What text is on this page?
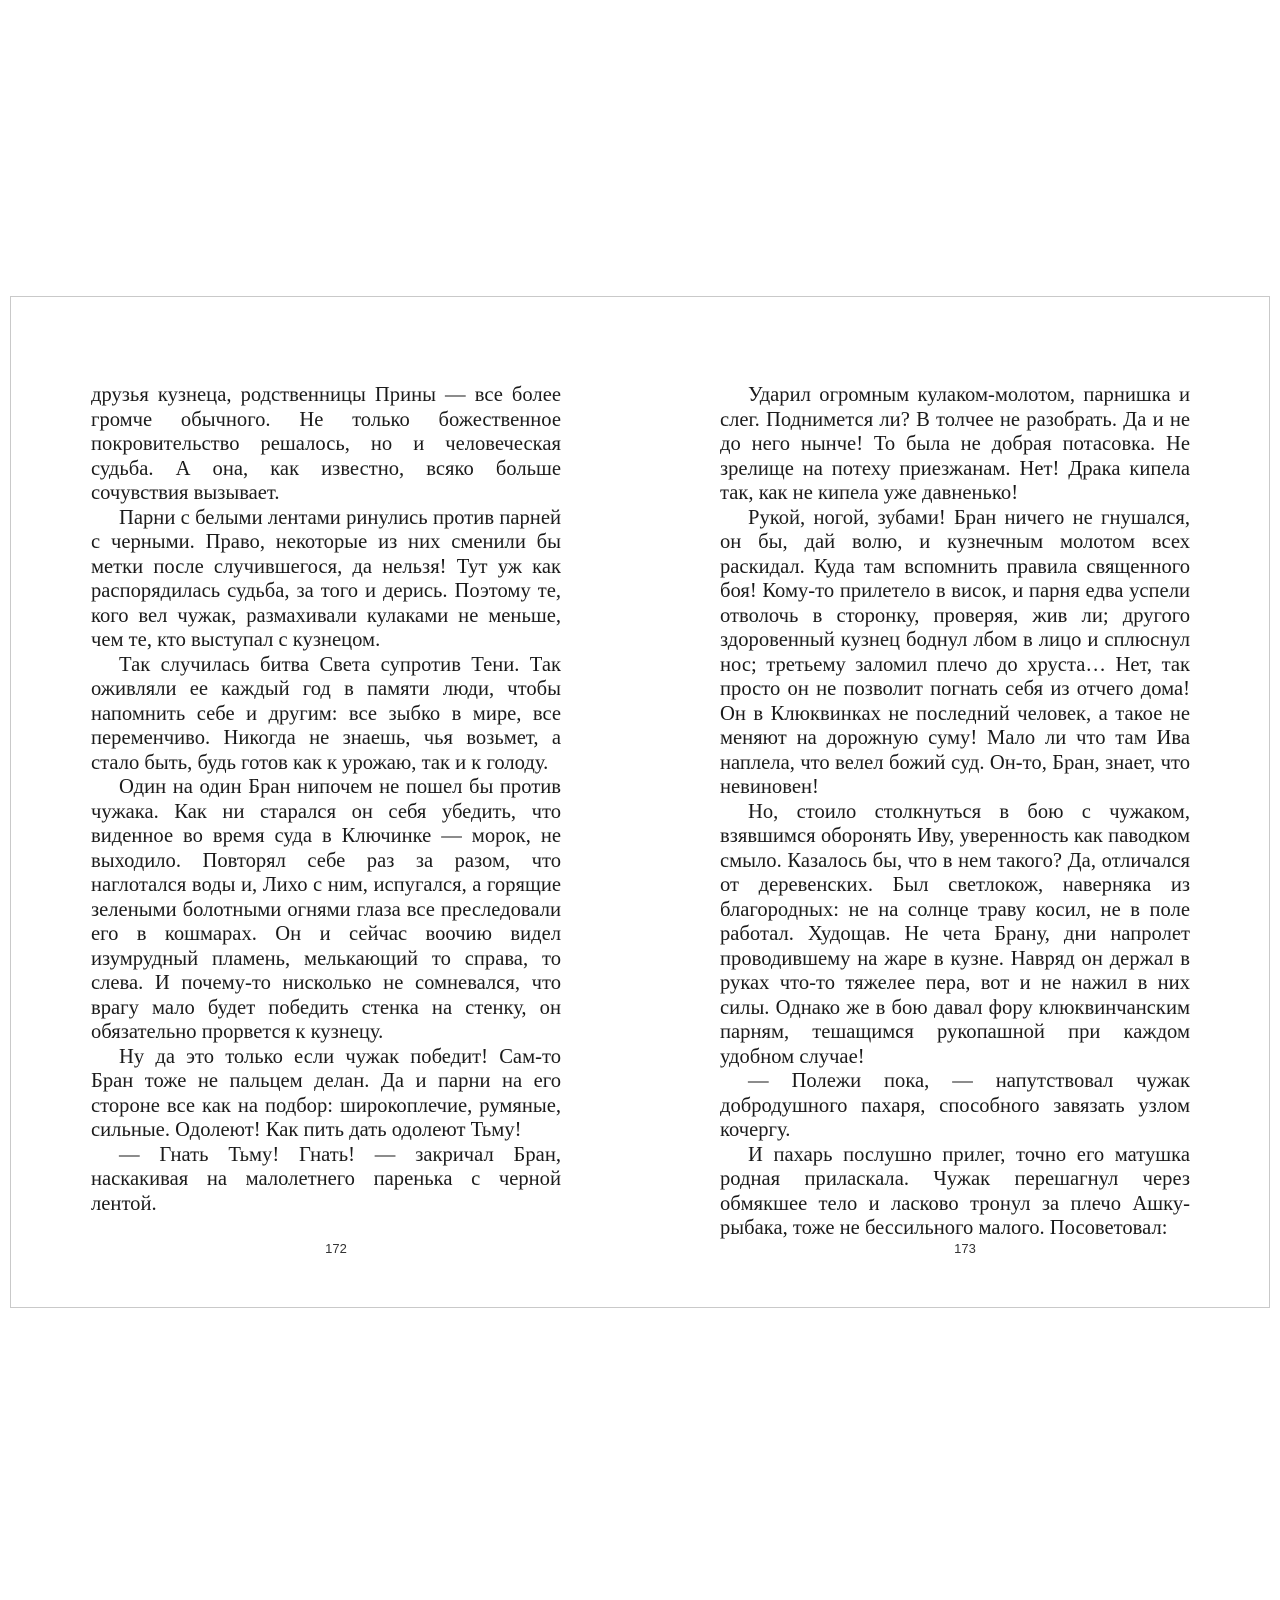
друзья кузнеца, родственницы Прины — все более громче обычного. Не только божественное покровительство решалось, но и человеческая судьба. А она, как известно, всяко больше сочувствия вызывает.

Парни с белыми лентами ринулись против парней с черными. Право, некоторые из них сменили бы метки после случившегося, да нельзя! Тут уж как распорядилась судьба, за того и дерись. Поэтому те, кого вел чужак, размахивали кулаками не меньше, чем те, кто выступал с кузнецом.

Так случилась битва Света супротив Тени. Так оживляли ее каждый год в памяти люди, чтобы напомнить себе и другим: все зыбко в мире, все переменчиво. Никогда не знаешь, чья возьмет, а стало быть, будь готов как к урожаю, так и к голоду.

Один на один Бран нипочем не пошел бы против чужака. Как ни старался он себя убедить, что виденное во время суда в Ключинке — морок, не выходило. Повторял себе раз за разом, что наглотался воды и, Лихо с ним, испугался, а горящие зелеными болотными огнями глаза все преследовали его в кошмарах. Он и сейчас воочию видел изумрудный пламень, мелькающий то справа, то слева. И почему-то нисколько не сомневался, что врагу мало будет победить стенка на стенку, он обязательно прорвется к кузнецу.

Ну да это только если чужак победит! Сам-то Бран тоже не пальцем делан. Да и парни на его стороне все как на подбор: широкоплечие, румяные, сильные. Одолеют! Как пить дать одолеют Тьму!

— Гнать Тьму! Гнать! — закричал Бран, наскакивая на малолетнего паренька с черной лентой.

Ударил огромным кулаком-молотом, парнишка и слег. Поднимется ли? В толчее не разобрать. Да и не до него нынче! То была не добрая потасовка. Не зрелище на потеху приезжанам. Нет! Драка кипела так, как не кипела уже давненько!

Рукой, ногой, зубами! Бран ничего не гнушался, он бы, дай волю, и кузнечным молотом всех раскидал. Куда там вспомнить правила священного боя! Кому-то прилетело в висок, и парня едва успели отволочь в сторонку, проверяя, жив ли; другого здоровенный кузнец боднул лбом в лицо и сплюснул нос; третьему заломил плечо до хруста… Нет, так просто он не позволит погнать себя из отчего дома! Он в Клюквинках не последний человек, а такое не меняют на дорожную суму! Мало ли что там Ива наплела, что велел божий суд. Он-то, Бран, знает, что невиновен!

Но, стоило столкнуться в бою с чужаком, взявшимся оборонять Иву, уверенность как паводком смыло. Казалось бы, что в нем такого? Да, отличался от деревенских. Был светлокож, наверняка из благородных: не на солнце траву косил, не в поле работал. Худощав. Не чета Брану, дни напролет проводившему на жаре в кузне. Навряд он держал в руках что-то тяжелее пера, вот и не нажил в них силы. Однако же в бою давал фору клюквинчанским парням, тешащимся рукопашной при каждом удобном случае!

— Полежи пока, — напутствовал чужак добродушного пахаря, способного завязать узлом кочергу.

И пахарь послушно прилег, точно его матушка родная приласкала. Чужак перешагнул через обмякшее тело и ласково тронул за плечо Ашку-рыбака, тоже не бессильного малого. Посоветовал:

172	173
